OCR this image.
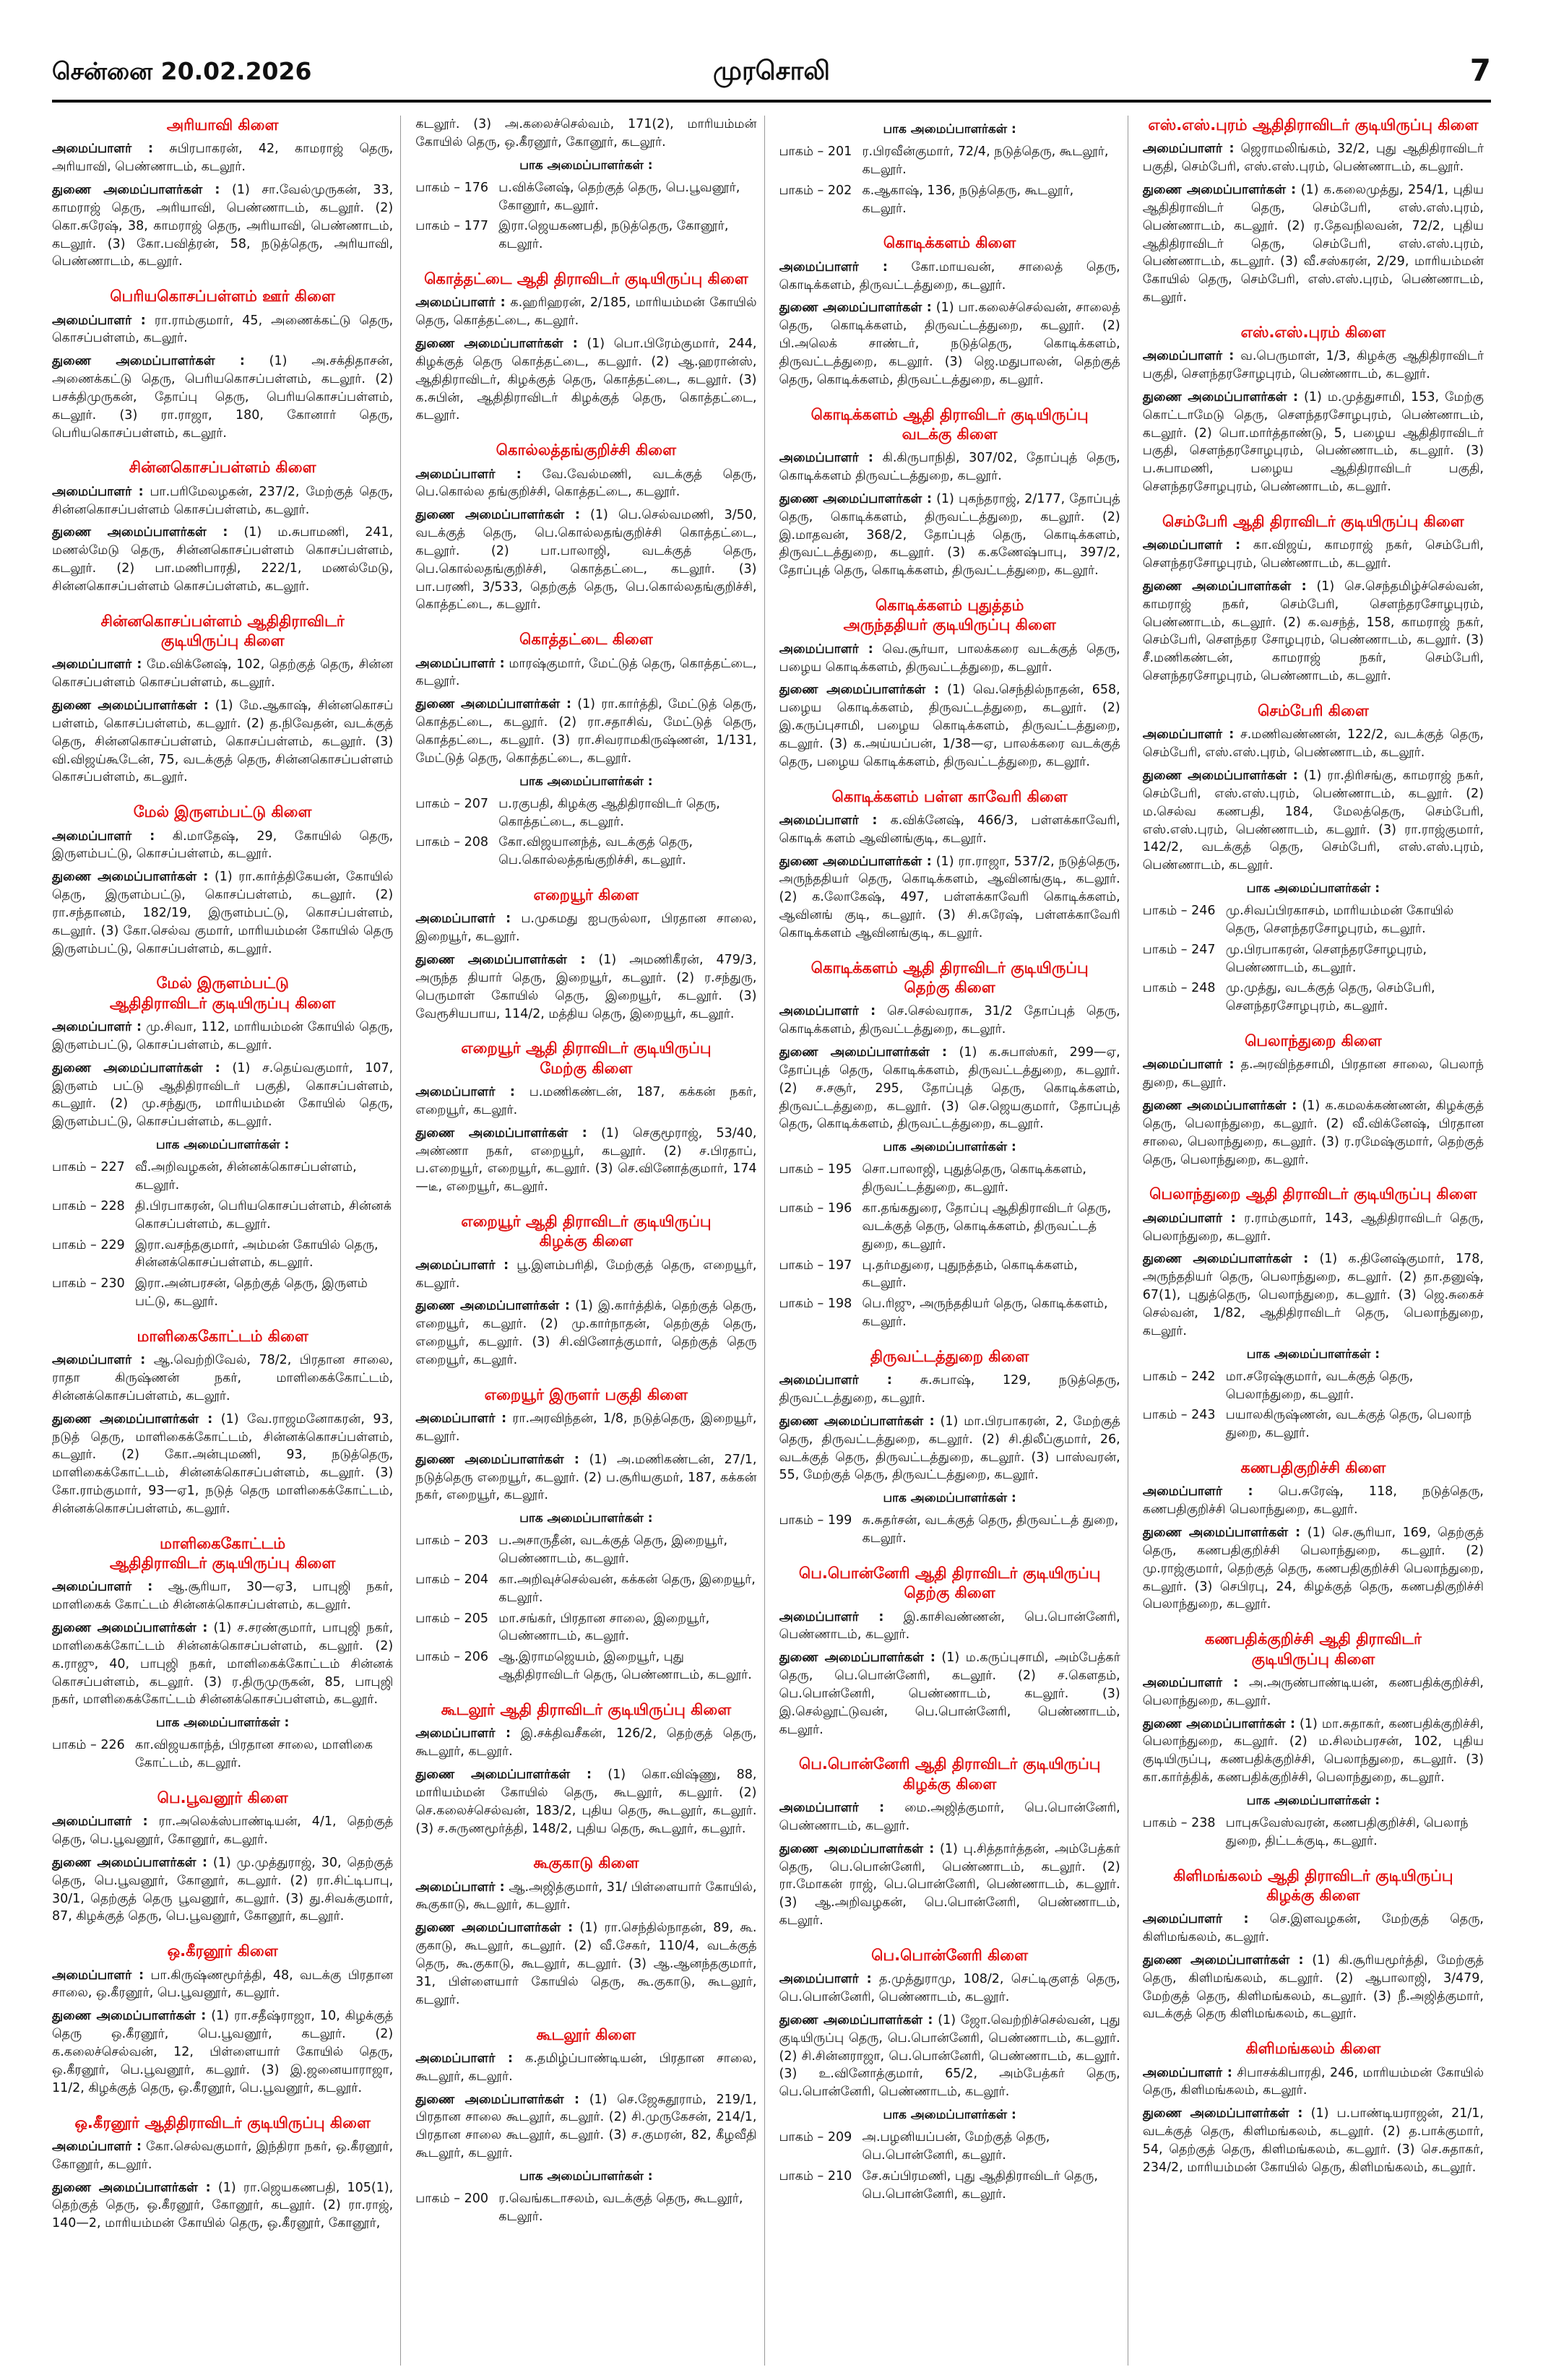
சென்னை 20.02.2026	முரசொலி	7
அரியாவி கிளை
அமைப்பாளர் : சுபிரபாகரன், 42, காமராஜ் தெரு, அரியாவி, பெண்ணாடம், கடலூர்.
துணை அமைப்பாளர்கள் : (1) சா.வேல்முருகன், 33, காமராஜ் தெரு, அரியாவி, பெண்ணாடம், கடலூர். (2) கொ.சுரேஷ், 38, காமராஜ் தெரு, அரியாவி, பெண்ணாடம், கடலூர். (3) கோ.பவித்ரன், 58, நடுத்தெரு, அரியாவி, பெண்ணாடம், கடலூர்.
பெரியகொசப்பள்ளம் ஊர் கிளை
அமைப்பாளர் : ரா.ராம்குமார், 45, அணைக்கட்டு தெரு, கொசப்பள்ளம், கடலூர்.
துணை அமைப்பாளர்கள் : (1) அ.சக்திதாசன், அணைக்கட்டு தெரு, பெரியகொசப்பள்ளம், கடலூர். (2) பசக்திமுருகன், தோப்பு தெரு, பெரியகொசப்பள்ளம், கடலூர். (3) ரா.ராஜா, 180, கோனார் தெரு, பெரியகொசப்பள்ளம், கடலூர்.
சின்னகொசப்பள்ளம் கிளை
அமைப்பாளர் : பா.பரிமேலழகன், 237/2, மேற்குத் தெரு, சின்னகொசப்பள்ளம் கொசப்பள்ளம், கடலூர்.
துணை அமைப்பாளர்கள் : (1) ம.சுபாமணி, 241, மணல்மேடு தெரு, சின்னகொசப்பள்ளம் கொசப்பள்ளம், கடலூர். (2) பா.மணிபாரதி, 222/1, மணல்மேடு, சின்னகொசப்பள்ளம் கொசப்பள்ளம், கடலூர்.
சின்னகொசப்பள்ளம் ஆதிதிராவிடர்
குடியிருப்பு கிளை
அமைப்பாளர் : மே.விக்னேஷ், 102, தெற்குத் தெரு, சின்ன கொசப்பள்ளம் கொசப்பள்ளம், கடலூர்.
துணை அமைப்பாளர்கள் : (1) மே.ஆகாஷ், சின்னகொசப் பள்ளம், கொசப்பள்ளம், கடலூர். (2) த.நிவேதன், வடக்குத் தெரு, சின்னகொசப்பள்ளம், கொசப்பள்ளம், கடலூர். (3) வி.விஜய்கூடேன், 75, வடக்குத் தெரு, சின்னகொசப்பள்ளம் கொசப்பள்ளம், கடலூர்.
மேல் இருளம்பட்டு கிளை
அமைப்பாளர் : கி.மாதேஷ், 29, கோயில் தெரு, இருளம்பட்டு, கொசப்பள்ளம், கடலூர்.
துணை அமைப்பாளர்கள் : (1) ரா.கார்த்திகேயன், கோயில் தெரு, இருளம்பட்டு, கொசப்பள்ளம், கடலூர். (2) ரா.சந்தானம், 182/19, இருளம்பட்டு, கொசப்பள்ளம், கடலூர். (3) கோ.செல்வ குமார், மாரியம்மன் கோயில் தெரு இருளம்பட்டு, கொசப்பள்ளம், கடலூர்.
மேல் இருளம்பட்டு
ஆதிதிராவிடர் குடியிருப்பு கிளை
அமைப்பாளர் : மு.சிவா, 112, மாரியம்மன் கோயில் தெரு, இருளம்பட்டு, கொசப்பள்ளம், கடலூர்.
துணை அமைப்பாளர்கள் : (1) ச.தெய்வகுமார், 107, இருளம் பட்டு ஆதிதிராவிடர் பகுதி, கொசப்பள்ளம், கடலூர். (2) மு.சந்துரு, மாரியம்மன் கோயில் தெரு, இருளம்பட்டு, கொசப்பள்ளம், கடலூர்.
பாக அமைப்பாளர்கள் :
பாகம் – 227 வீ.அறிவழகன், சின்னக்கொசப்பள்ளம், கடலூர்.
பாகம் – 228 தி.பிரபாகரன், பெரியகொசப்பள்ளம், சின்னக் கொசப்பள்ளம், கடலூர்.
பாகம் – 229 இரா.வசந்தகுமார், அம்மன் கோயில் தெரு, சின்னக்கொசப்பள்ளம், கடலூர்.
பாகம் – 230 இரா.அன்பரசன், தெற்குத் தெரு, இருளம் பட்டு, கடலூர்.
மாளிகைகோட்டம் கிளை
அமைப்பாளர் : ஆ.வெற்றிவேல், 78/2, பிரதான சாலை, ராதா கிருஷ்ணன் நகர், மாளிகைக்கோட்டம், சின்னக்கொசப்பள்ளம், கடலூர்.
துணை அமைப்பாளர்கள் : (1) வே.ராஜமனோகரன், 93, நடுத் தெரு, மாளிகைக்கோட்டம், சின்னக்கொசப்பள்ளம், கடலூர். (2) கோ.அன்புமணி, 93, நடுத்தெரு, மாளிகைக்கோட்டம், சின்னக்கொசப்பள்ளம், கடலூர். (3) கோ.ராம்குமார், 93—ஏ1, நடுத் தெரு மாளிகைக்கோட்டம், சின்னக்கொசப்பள்ளம், கடலூர்.
மாளிகைகோட்டம்
ஆதிதிராவிடர் குடியிருப்பு கிளை
அமைப்பாளர் : ஆ.சூரியா, 30—ஏ3, பாபுஜி நகர், மாளிகைக் கோட்டம் சின்னக்கொசப்பள்ளம், கடலூர்.
துணை அமைப்பாளர்கள் : (1) ச.சரண்குமார், பாபுஜி நகர், மாளிகைக்கோட்டம் சின்னக்கொசப்பள்ளம், கடலூர். (2) க.ராஜு, 40, பாபுஜி நகர், மாளிகைக்கோட்டம் சின்னக் கொசப்பள்ளம், கடலூர். (3) ர.திருமுருகன், 85, பாபுஜி நகர், மாளிகைக்கோட்டம் சின்னக்கொசப்பள்ளம், கடலூர்.
பாக அமைப்பாளர்கள் :
பாகம் – 226 கா.விஜயகாந்த், பிரதான சாலை, மாளிகை கோட்டம், கடலூர்.
பெ.பூவனூர் கிளை
அமைப்பாளர் : ரா.அலெக்ஸ்பாண்டியன், 4/1, தெற்குத் தெரு, பெ.பூவனூர், கோனூர், கடலூர்.
துணை அமைப்பாளர்கள் : (1) மு.முத்துராஜ், 30, தெற்குத் தெரு, பெ.பூவனூர், கோனூர், கடலூர். (2) ரா.சிட்டிபாபு, 30/1, தெற்குத் தெரு பூவனூர், கடலூர். (3) து.சிவக்குமார், 87, கிழக்குத் தெரு, பெ.பூவனூர், கோனூர், கடலூர்.
ஒ.கீரனூர் கிளை
அமைப்பாளர் : பா.கிருஷ்ணமூர்த்தி, 48, வடக்கு பிரதான சாலை, ஒ.கீரனூர், பெ.பூவனூர், கடலூர்.
துணை அமைப்பாளர்கள் : (1) ரா.சதீஷ்ராஜா, 10, கிழக்குத் தெரு ஒ.கீரனூர், பெ.பூவனூர், கடலூர். (2) க.கலைச்செல்வன், 12, பிள்ளையார் கோயில் தெரு, ஒ.கீரனூர், பெ.பூவனூர், கடலூர். (3) இ.ஜனையாராஜா, 11/2, கிழக்குத் தெரு, ஒ.கீரனூர், பெ.பூவனூர், கடலூர்.
ஒ.கீரனூர் ஆதிதிராவிடர் குடியிருப்பு கிளை
அமைப்பாளர் : கோ.செல்வகுமார், இந்திரா நகர், ஒ.கீரனூர், கோனூர், கடலூர்.
துணை அமைப்பாளர்கள் : (1) ரா.ஜெயகணபதி, 105(1), தெற்குத் தெரு, ஒ.கீரனூர், கோனூர், கடலூர். (2) ரா.ராஜ், 140—2, மாரியம்மன் கோயில் தெரு, ஒ.கீரனூர், கோனூர்,
கடலூர். (3) அ.கலைச்செல்வம், 171(2), மாரியம்மன் கோயில் தெரு, ஒ.கீரனூர், கோனூர், கடலூர்.
பாக அமைப்பாளர்கள் :
பாகம் – 176 ப.விக்னேஷ், தெற்குத் தெரு, பெ.பூவனூர், கோனூர், கடலூர்.
பாகம் – 177 இரா.ஜெயகணபதி, நடுத்தெரு, கோனூர், கடலூர்.
கொத்தட்டை ஆதி திராவிடர் குடியிருப்பு கிளை
அமைப்பாளர் : க.ஹரிஹரன், 2/185, மாரியம்மன் கோயில் தெரு, கொத்தட்டை, கடலூர்.
துணை அமைப்பாளர்கள் : (1) பொ.பிரேம்குமார், 244, கிழக்குத் தெரு கொத்தட்டை, கடலூர். (2) ஆ.ஹரான்ஸ், ஆதிதிராவிடர், கிழக்குத் தெரு, கொத்தட்டை, கடலூர். (3) க.சுபின், ஆதிதிராவிடர் கிழக்குத் தெரு, கொத்தட்டை, கடலூர்.
கொல்லத்தங்குறிச்சி கிளை
அமைப்பாளர் : வே.வேல்மணி, வடக்குத் தெரு, பெ.கொல்ல தங்குறிச்சி, கொத்தட்டை, கடலூர்.
துணை அமைப்பாளர்கள் : (1) பெ.செல்வமணி, 3/50, வடக்குத் தெரு, பெ.கொல்லதங்குறிச்சி கொத்தட்டை, கடலூர். (2) பா.பாலாஜி, வடக்குத் தெரு, பெ.கொல்லதங்குறிச்சி, கொத்தட்டை, கடலூர். (3) பா.பரணி, 3/533, தெற்குத் தெரு, பெ.கொல்லதங்குறிச்சி, கொத்தட்டை, கடலூர்.
கொத்தட்டை கிளை
அமைப்பாளர் : மாரஷ்குமார், மேட்டுத் தெரு, கொத்தட்டை, கடலூர்.
துணை அமைப்பாளர்கள் : (1) ரா.கார்த்தி, மேட்டுத் தெரு, கொத்தட்டை, கடலூர். (2) ரா.சதாசிவ், மேட்டுத் தெரு, கொத்தட்டை, கடலூர். (3) ரா.சிவராமகிருஷ்ணன், 1/131, மேட்டுத் தெரு, கொத்தட்டை, கடலூர்.
பாக அமைப்பாளர்கள் :
பாகம் – 207 ப.ரகுபதி, கிழக்கு ஆதிதிராவிடர் தெரு, கொத்தட்டை, கடலூர்.
பாகம் – 208 கோ.விஜயானந்த், வடக்குத் தெரு, பெ.கொல்லத்தங்குறிச்சி, கடலூர்.
எறையூர் கிளை
அமைப்பாளர் : ப.முகமது ஐபருல்லா, பிரதான சாலை, இறையூர், கடலூர்.
துணை அமைப்பாளர்கள் : (1) அமணிகீரன், 479/3, அருந்த தியார் தெரு, இறையூர், கடலூர். (2) ர.சந்துரு, பெருமாள் கோயில் தெரு, இறையூர், கடலூர். (3) வேரூசியபாய, 114/2, மத்திய தெரு, இறையூர், கடலூர்.
எறையூர் ஆதி திராவிடர் குடியிருப்பு
மேற்கு கிளை
அமைப்பாளர் : ப.மணிகண்டன், 187, கக்கன் நகர், எறையூர், கடலூர்.
துணை அமைப்பாளர்கள் : (1) செகுமூராஜ், 53/40, அண்ணா நகர், எறையூர், கடலூர். (2) ச.பிரதாப், ப.எறையூர், எறையூர், கடலூர். (3) செ.வினோத்குமார், 174—டீ, எறையூர், கடலூர்.
எறையூர் ஆதி திராவிடர் குடியிருப்பு
கிழக்கு கிளை
அமைப்பாளர் : பூ.இளம்பரிதி, மேற்குத் தெரு, எறையூர், கடலூர்.
துணை அமைப்பாளர்கள் : (1) இ.கார்த்திக், தெற்குத் தெரு, எறையூர், கடலூர். (2) மு.கார்நாதன், தெற்குத் தெரு, எறையூர், கடலூர். (3) சி.வினோத்குமார், தெற்குத் தெரு எறையூர், கடலூர்.
எறையூர் இருளர் பகுதி கிளை
அமைப்பாளர் : ரா.அரவிந்தன், 1/8, நடுத்தெரு, இறையூர், கடலூர்.
துணை அமைப்பாளர்கள் : (1) அ.மணிகண்டன், 27/1, நடுத்தெரு எறையூர், கடலூர். (2) ப.சூரியகுமர், 187, கக்கன் நகர், எறையூர், கடலூர்.
பாக அமைப்பாளர்கள் :
பாகம் – 203 ப.அசாருதீன், வடக்குத் தெரு, இறையூர், பெண்ணாடம், கடலூர்.
பாகம் – 204 கா.அறிவுச்செல்வன், கக்கன் தெரு, இறையூர், கடலூர்.
பாகம் – 205 மா.சங்கர், பிரதான சாலை, இறையூர், பெண்ணாடம், கடலூர்.
பாகம் – 206 ஆ.இராமஜெயம், இறையூர், புது ஆதிதிராவிடர் தெரு, பெண்ணாடம், கடலூர்.
கூடலூர் ஆதி திராவிடர் குடியிருப்பு கிளை
அமைப்பாளர் : இ.சக்திவசீகன், 126/2, தெற்குத் தெரு, கூடலூர், கடலூர்.
துணை அமைப்பாளர்கள் : (1) கொ.விஷ்ணு, 88, மாரியம்மன் கோயில் தெரு, கூடலூர், கடலூர். (2) செ.கலைச்செல்வன், 183/2, புதிய தெரு, கூடலூர், கடலூர். (3) ச.சுருணமூர்த்தி, 148/2, புதிய தெரு, கூடலூர், கடலூர்.
கூகுகாடு கிளை
அமைப்பாளர் : ஆ.அஜித்குமார், 31/ பிள்ளையார் கோயில், கூகுகாடு, கூடலூர், கடலூர்.
துணை அமைப்பாளர்கள் : (1) ரா.செந்தில்நாதன், 89, கூ. குகாடு, கூடலூர், கடலூர். (2) வீ.சேகர், 110/4, வடக்குத் தெரு, கூ.குகாடு, கூடலூர், கடலூர். (3) ஆ.ஆனந்தகுமார், 31, பிள்ளையார் கோயில் தெரு, கூ.குகாடு, கூடலூர், கடலூர்.
கூடலூர் கிளை
அமைப்பாளர் : க.தமிழ்ப்பாண்டியன், பிரதான சாலை, கூடலூர், கடலூர்.
துணை அமைப்பாளர்கள் : (1) செ.ஜேசுதூராம், 219/1, பிரதான சாலை கூடலூர், கடலூர். (2) சி.முருகேசன், 214/1, பிரதான சாலை கூடலூர், கடலூர். (3) ச.குமரன், 82, கீழவீதி கூடலூர், கடலூர்.
பாக அமைப்பாளர்கள் :
பாகம் – 200 ர.வெங்கடாசலம், வடக்குத் தெரு, கூடலூர், கடலூர்.
பாக அமைப்பாளர்கள் :
பாகம் – 201 ர.பிரவீன்குமார், 72/4, நடுத்தெரு, கூடலூர், கடலூர்.
பாகம் – 202 க.ஆகாஷ், 136, நடுத்தெரு, கூடலூர், கடலூர்.
கொடிக்களம் கிளை
அமைப்பாளர் : கோ.மாயவன், சாலைத் தெரு, கொடிக்களம், திருவட்டத்துறை, கடலூர்.
துணை அமைப்பாளர்கள் : (1) பா.கலைச்செல்வன், சாலைத் தெரு, கொடிக்களம், திருவட்டத்துறை, கடலூர். (2) பி.அலெக் சாண்டர், நடுத்தெரு, கொடிக்களம், திருவட்டத்துறை, கடலூர். (3) ஜெ.மதுபாலன், தெற்குத் தெரு, கொடிக்களம், திருவட்டத்துறை, கடலூர்.
கொடிக்களம் ஆதி திராவிடர் குடியிருப்பு
வடக்கு கிளை
அமைப்பாளர் : கி.கிருபாநிதி, 307/02, தோப்புத் தெரு, கொடிக்களம் திருவட்டத்துறை, கடலூர்.
துணை அமைப்பாளர்கள் : (1) புகந்தராஜ், 2/177, தோப்புத் தெரு, கொடிக்களம், திருவட்டத்துறை, கடலூர். (2) இ.மாதவன், 368/2, தோப்புத் தெரு, கொடிக்களம், திருவட்டத்துறை, கடலூர். (3) க.கணேஷ்பாபு, 397/2, தோப்புத் தெரு, கொடிக்களம், திருவட்டத்துறை, கடலூர்.
கொடிக்களம் புதுத்தம்
அருந்ததியர் குடியிருப்பு கிளை
அமைப்பாளர் : வெ.சூர்யா, பாலக்கரை வடக்குத் தெரு, பழைய கொடிக்களம், திருவட்டத்துறை, கடலூர்.
துணை அமைப்பாளர்கள் : (1) வெ.செந்தில்நாதன், 658, பழைய கொடிக்களம், திருவட்டத்துறை, கடலூர். (2) இ.கருப்புசாமி, பழைய கொடிக்களம், திருவட்டத்துறை, கடலூர். (3) க.அய்யப்பன், 1/38—ஏ, பாலக்கரை வடக்குத் தெரு, பழைய கொடிக்களம், திருவட்டத்துறை, கடலூர்.
கொடிக்களம் பள்ள காவேரி கிளை
அமைப்பாளர் : க.விக்னேஷ், 466/3, பள்ளக்காவேரி, கொடிக் களம் ஆவினங்குடி, கடலூர்.
துணை அமைப்பாளர்கள் : (1) ரா.ராஜா, 537/2, நடுத்தெரு, அருந்ததியர் தெரு, கொடிக்களம், ஆவினங்குடி, கடலூர். (2) க.லோகேஷ், 497, பள்ளக்காவேரி கொடிக்களம், ஆவினங் குடி, கடலூர். (3) சி.சுரேஷ், பள்ளக்காவேரி கொடிக்களம் ஆவினங்குடி, கடலூர்.
கொடிக்களம் ஆதி திராவிடர் குடியிருப்பு
தெற்கு கிளை
அமைப்பாளர் : செ.செல்வராசு, 31/2 தோப்புத் தெரு, கொடிக்களம், திருவட்டத்துறை, கடலூர்.
துணை அமைப்பாளர்கள் : (1) க.சுபாஸ்கர், 299—ஏ, தோப்புத் தெரு, கொடிக்களம், திருவட்டத்துறை, கடலூர். (2) ச.சசூர், 295, தோப்புத் தெரு, கொடிக்களம், திருவட்டத்துறை, கடலூர். (3) செ.ஜெயகுமார், தோப்புத் தெரு, கொடிக்களம், திருவட்டத்துறை, கடலூர்.
பாக அமைப்பாளர்கள் :
பாகம் – 195 சொ.பாலாஜி, புதுத்தெரு, கொடிக்களம், திருவட்டத்துறை, கடலூர்.
பாகம் – 196 கா.தங்கதுரை, தோப்பு ஆதிதிராவிடர் தெரு, வடக்குத் தெரு, கொடிக்களம், திருவட்டத் துறை, கடலூர்.
பாகம் – 197 பு.தர்மதுரை, புதுநத்தம், கொடிக்களம், கடலூர்.
பாகம் – 198 பெ.ரிஜு, அருந்ததியர் தெரு, கொடிக்களம், கடலூர்.
திருவட்டத்துறை கிளை
அமைப்பாளர் : சு.சுபாஷ், 129, நடுத்தெரு, திருவட்டத்துறை, கடலூர்.
துணை அமைப்பாளர்கள் : (1) மா.பிரபாகரன், 2, மேற்குத் தெரு, திருவட்டத்துறை, கடலூர். (2) சி.திலீப்குமார், 26, வடக்குத் தெரு, திருவட்டத்துறை, கடலூர். (3) பாஸ்வரன், 55, மேற்குத் தெரு, திருவட்டத்துறை, கடலூர்.
பாக அமைப்பாளர்கள் :
பாகம் – 199 சு.சுதர்சன், வடக்குத் தெரு, திருவட்டத் துறை, கடலூர்.
பெ.பொன்னேரி ஆதி திராவிடர் குடியிருப்பு
தெற்கு கிளை
அமைப்பாளர் : இ.காசிவண்ணன், பெ.பொன்னேரி, பெண்ணாடம், கடலூர்.
துணை அமைப்பாளர்கள் : (1) ம.கருப்புசாமி, அம்பேத்கர் தெரு, பெ.பொன்னேரி, கடலூர். (2) ச.கௌதம், பெ.பொன்னேரி, பெண்ணாடம், கடலூர். (3) இ.செல்லூட்டுவன், பெ.பொன்னேரி, பெண்ணாடம், கடலூர்.
பெ.பொன்னேரி ஆதி திராவிடர் குடியிருப்பு
கிழக்கு கிளை
அமைப்பாளர் : மை.அஜித்குமார், பெ.பொன்னேரி, பெண்ணாடம், கடலூர்.
துணை அமைப்பாளர்கள் : (1) பு.சித்தார்த்தன், அம்பேத்கர் தெரு, பெ.பொன்னேரி, பெண்ணாடம், கடலூர். (2) ரா.மோகன் ராஜ், பெ.பொன்னேரி, பெண்ணாடம், கடலூர். (3) ஆ.அறிவழகன், பெ.பொன்னேரி, பெண்ணாடம், கடலூர்.
பெ.பொன்னேரி கிளை
அமைப்பாளர் : த.முத்துராமு, 108/2, செட்டிகுளத் தெரு, பெ.பொன்னேரி, பெண்ணாடம், கடலூர்.
துணை அமைப்பாளர்கள் : (1) ஜோ.வெற்றிச்செல்வன், புது குடியிருப்பு தெரு, பெ.பொன்னேரி, பெண்ணாடம், கடலூர். (2) சி.சின்னராஜா, பெ.பொன்னேரி, பெண்ணாடம், கடலூர். (3) உ.வினோத்குமார், 65/2, அம்பேத்கர் தெரு, பெ.பொன்னேரி, பெண்ணாடம், கடலூர்.
பாக அமைப்பாளர்கள் :
பாகம் – 209 அ.பழனியப்பன், மேற்குத் தெரு, பெ.பொன்னேரி, கடலூர்.
பாகம் – 210 சே.சுப்பிரமணி, புது ஆதிதிராவிடர் தெரு, பெ.பொன்னேரி, கடலூர்.
எஸ்.எஸ்.புரம் ஆதிதிராவிடர் குடியிருப்பு கிளை
அமைப்பாளர் : ஜெராமலிங்கம், 32/2, புது ஆதிதிராவிடர் பகுதி, செம்பேரி, எஸ்.எஸ்.புரம், பெண்ணாடம், கடலூர்.
துணை அமைப்பாளர்கள் : (1) க.கலைமுத்து, 254/1, புதிய ஆதிதிராவிடர் தெரு, செம்பேரி, எஸ்.எஸ்.புரம், பெண்ணாடம், கடலூர். (2) ர.தேவநிலவன், 72/2, புதிய ஆதிதிராவிடர் தெரு, செம்பேரி, எஸ்.எஸ்.புரம், பெண்ணாடம், கடலூர். (3) வீ.சஸ்கரன், 2/29, மாரியம்மன் கோயில் தெரு, செம்பேரி, எஸ்.எஸ்.புரம், பெண்ணாடம், கடலூர்.
எஸ்.எஸ்.புரம் கிளை
அமைப்பாளர் : வ.பெருமாள், 1/3, கிழக்கு ஆதிதிராவிடர் பகுதி, சௌந்தரசோழபுரம், பெண்ணாடம், கடலூர்.
துணை அமைப்பாளர்கள் : (1) ம.முத்துசாமி, 153, மேற்கு கொட்டாமேடு தெரு, சௌந்தரசோழபுரம், பெண்ணாடம், கடலூர். (2) பொ.மார்த்தாண்டு, 5, பழைய ஆதிதிராவிடர் பகுதி, சௌந்தரசோழபுரம், பெண்ணாடம், கடலூர். (3) ப.சுபாமணி, பழைய ஆதிதிராவிடர் பகுதி, சௌந்தரசோழபுரம், பெண்ணாடம், கடலூர்.
செம்பேரி ஆதி திராவிடர் குடியிருப்பு கிளை
அமைப்பாளர் : கா.விஜய், காமராஜ் நகர், செம்பேரி, சௌந்தரசோழபுரம், பெண்ணாடம், கடலூர்.
துணை அமைப்பாளர்கள் : (1) செ.செந்தமிழ்ச்செல்வன், காமராஜ் நகர், செம்பேரி, சௌந்தரசோழபுரம், பெண்ணாடம், கடலூர். (2) க.வசந்த், 158, காமராஜ் நகர், செம்பேரி, சௌந்தர சோழபுரம், பெண்ணாடம், கடலூர். (3) சீ.மணிகண்டன், காமராஜ் நகர், செம்பேரி, சௌந்தரசோழபுரம், பெண்ணாடம், கடலூர்.
செம்பேரி கிளை
அமைப்பாளர் : ச.மணிவண்ணன், 122/2, வடக்குத் தெரு, செம்பேரி, எஸ்.எஸ்.புரம், பெண்ணாடம், கடலூர்.
துணை அமைப்பாளர்கள் : (1) ரா.திரிசங்கு, காமராஜ் நகர், செம்பேரி, எஸ்.எஸ்.புரம், பெண்ணாடம், கடலூர். (2) ம.செல்வ கணபதி, 184, மேலத்தெரு, செம்பேரி, எஸ்.எஸ்.புரம், பெண்ணாடம், கடலூர். (3) ரா.ராஜ்குமார், 142/2, வடக்குத் தெரு, செம்பேரி, எஸ்.எஸ்.புரம், பெண்ணாடம், கடலூர்.
பாக அமைப்பாளர்கள் :
பாகம் – 246 மு.சிவப்பிரகாசம், மாரியம்மன் கோயில் தெரு, சௌந்தரசோழபுரம், கடலூர்.
பாகம் – 247 மு.பிரபாகரன், சௌந்தரசோழபுரம், பெண்ணாடம், கடலூர்.
பாகம் – 248 மு.முத்து, வடக்குத் தெரு, செம்பேரி, சௌந்தரசோழபுரம், கடலூர்.
பெலாந்துறை கிளை
அமைப்பாளர் : த.அரவிந்தசாமி, பிரதான சாலை, பெலாந் துறை, கடலூர்.
துணை அமைப்பாளர்கள் : (1) க.கமலக்கண்ணன், கிழக்குத் தெரு, பெலாந்துறை, கடலூர். (2) வீ.விக்னேஷ், பிரதான சாலை, பெலாந்துறை, கடலூர். (3) ர.ரமேஷ்குமார், தெற்குத் தெரு, பெலாந்துறை, கடலூர்.
பெலாந்துறை ஆதி திராவிடர் குடியிருப்பு கிளை
அமைப்பாளர் : ர.ராம்குமார், 143, ஆதிதிராவிடர் தெரு, பெலாந்துறை, கடலூர்.
துணை அமைப்பாளர்கள் : (1) க.தினேஷ்குமார், 178, அருந்ததியர் தெரு, பெலாந்துறை, கடலூர். (2) தா.தனுஷ், 67(1), புதுத்தெரு, பெலாந்துறை, கடலூர். (3) ஜெ.சுகைச் செல்வன், 1/82, ஆதிதிராவிடர் தெரு, பெலாந்துறை, கடலூர்.
பாக அமைப்பாளர்கள் :
பாகம் – 242 மா.சரேஷ்குமார், வடக்குத் தெரு, பெலாந்துறை, கடலூர்.
பாகம் – 243 பயாலகிருஷ்ணன், வடக்குத் தெரு, பெலாந் துறை, கடலூர்.
கணபதிகுறிச்சி கிளை
அமைப்பாளர் : பெ.சுரேஷ், 118, நடுத்தெரு, கணபதிகுறிச்சி பெலாந்துறை, கடலூர்.
துணை அமைப்பாளர்கள் : (1) செ.சூரியா, 169, தெற்குத் தெரு, கணபதிகுறிச்சி பெலாந்துறை, கடலூர். (2) மு.ராஜ்குமார், தெற்குத் தெரு, கணபதிகுறிச்சி பெலாந்துறை, கடலூர். (3) செபிரபு, 24, கிழக்குத் தெரு, கணபதிகுறிச்சி பெலாந்துறை, கடலூர்.
கணபதிக்குறிச்சி ஆதி திராவிடர்
குடியிருப்பு கிளை
அமைப்பாளர் : அ.அருண்பாண்டியன், கணபதிக்குறிச்சி, பெலாந்துறை, கடலூர்.
துணை அமைப்பாளர்கள் : (1) மா.சுதாகர், கணபதிக்குறிச்சி, பெலாந்துறை, கடலூர். (2) ம.சிலம்பரசன், 102, புதிய குடியிருப்பு, கணபதிக்குறிச்சி, பெலாந்துறை, கடலூர். (3) கா.கார்த்திக், கணபதிக்குறிச்சி, பெலாந்துறை, கடலூர்.
பாக அமைப்பாளர்கள் :
பாகம் – 238 பாபுசுவேஸ்வரன், கணபதிகுறிச்சி, பெலாந் துறை, திட்டக்குடி, கடலூர்.
கிளிமங்கலம் ஆதி திராவிடர் குடியிருப்பு
கிழக்கு கிளை
அமைப்பாளர் : செ.இளவழகன், மேற்குத் தெரு, கிளிமங்கலம், கடலூர்.
துணை அமைப்பாளர்கள் : (1) கி.சூரியமூர்த்தி, மேற்குத் தெரு, கிளிமங்கலம், கடலூர். (2) ஆபாலாஜி, 3/479, மேற்குத் தெரு, கிளிமங்கலம், கடலூர். (3) நீ.அஜித்குமார், வடக்குத் தெரு கிளிமங்கலம், கடலூர்.
கிளிமங்கலம் கிளை
அமைப்பாளர் : சிபாசக்கிபாரதி, 246, மாரியம்மன் கோயில் தெரு, கிளிமங்கலம், கடலூர்.
துணை அமைப்பாளர்கள் : (1) ப.பாண்டியராஜன், 21/1, வடக்குத் தெரு, கிளிமங்கலம், கடலூர். (2) த.பாக்குமார், 54, தெற்குத் தெரு, கிளிமங்கலம், கடலூர். (3) செ.சுதாகர், 234/2, மாரியம்மன் கோயில் தெரு, கிளிமங்கலம், கடலூர்.
